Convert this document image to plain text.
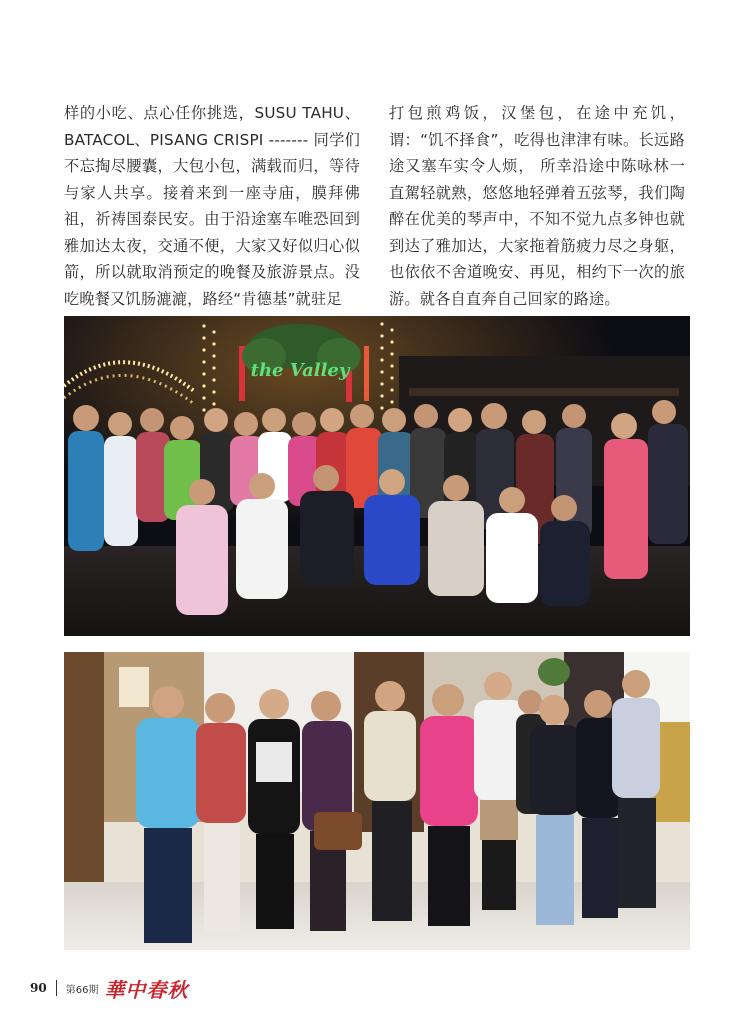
样的小吃、点心任你挑选，SUSU TAHU、BATACOL、PISANG CRISPI ------- 同学们不忘掏尽腰囊，大包小包，满载而归，等待与家人共享。接着来到一座寺庙，膜拜佛祖，祈祷国泰民安。由于沿途塞车唯恐回到雅加达太夜，交通不便，大家又好似归心似箭，所以就取消预定的晚餐及旅游景点。没吃晚餐又饥肠漉漉，路经“肯德基”就驻足

打包煎鸡饭，汉堡包，在途中充饥，谓：“饥不择食”，吃得也津津有味。长远路途又塞车实令人烦， 所幸沿途中陈咏林一直駕轻就熟，悠悠地轻弹着五弦琴，我们陶醉在优美的琴声中，不知不觉九点多钟也就到达了雅加达，大家拖着筋疲力尽之身躯，也依依不舍道晚安、再见，相约下一次的旅游。就各自直奔自己回家的路途。

the Valley
90 第66期 華中春秋
